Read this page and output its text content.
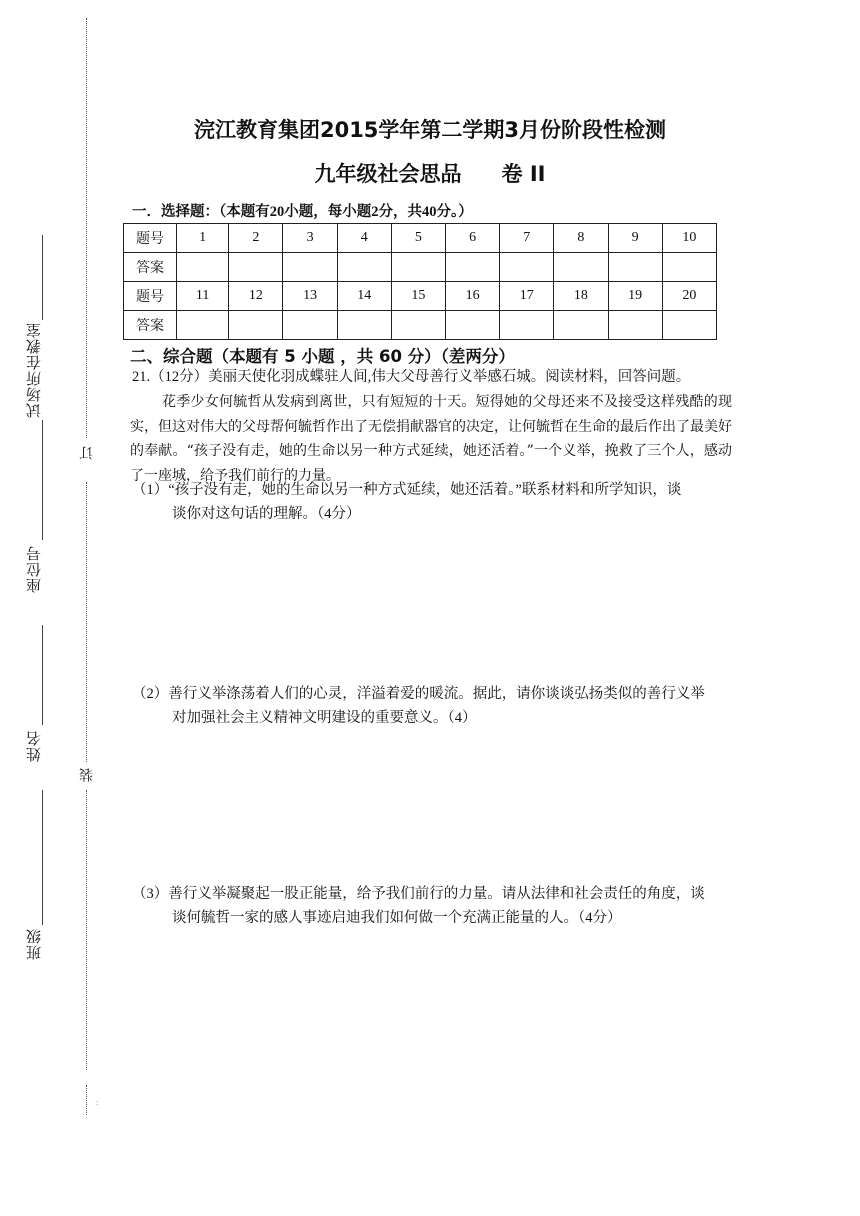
订
装
试场所在教室
座位号
姓名
班级
浣江教育集团2015学年第二学期3月份阶段性检测
九年级社会思品 卷 II
一．选择题：（本题有20小题，每小题2分，共40分。）
题号	1	2	3	4	5	6	7	8	9	10
答案										
题号	11	12	13	14	15	16	17	18	19	20
答案										
二、综合题（本题有 5 小题 ，共 60 分）（差两分）
21.（12分）美丽天使化羽成蝶驻人间,伟大父母善行义举感石城。阅读材料，回答问题。

花季少女何毓哲从发病到离世，只有短短的十天。短得她的父母还来不及接受这样残酷的现实，但这对伟大的父母帮何毓哲作出了无偿捐献器官的决定，让何毓哲在生命的最后作出了最美好的奉献。“孩子没有走，她的生命以另一种方式延续，她还活着。”一个义举，挽救了三个人，感动了一座城，给予我们前行的力量。

（1）“孩子没有走，她的生命以另一种方式延续，她还活着。”联系材料和所学知识，谈
谈你对这句话的理解。（4分）
（2）善行义举涤荡着人们的心灵，洋溢着爱的暖流。据此，请你谈谈弘扬类似的善行义举
对加强社会主义精神文明建设的重要意义。（4）
（3）善行义举凝聚起一股正能量，给予我们前行的力量。请从法律和社会责任的角度，谈
谈何毓哲一家的感人事迹启迪我们如何做一个充满正能量的人。（4分）
:
